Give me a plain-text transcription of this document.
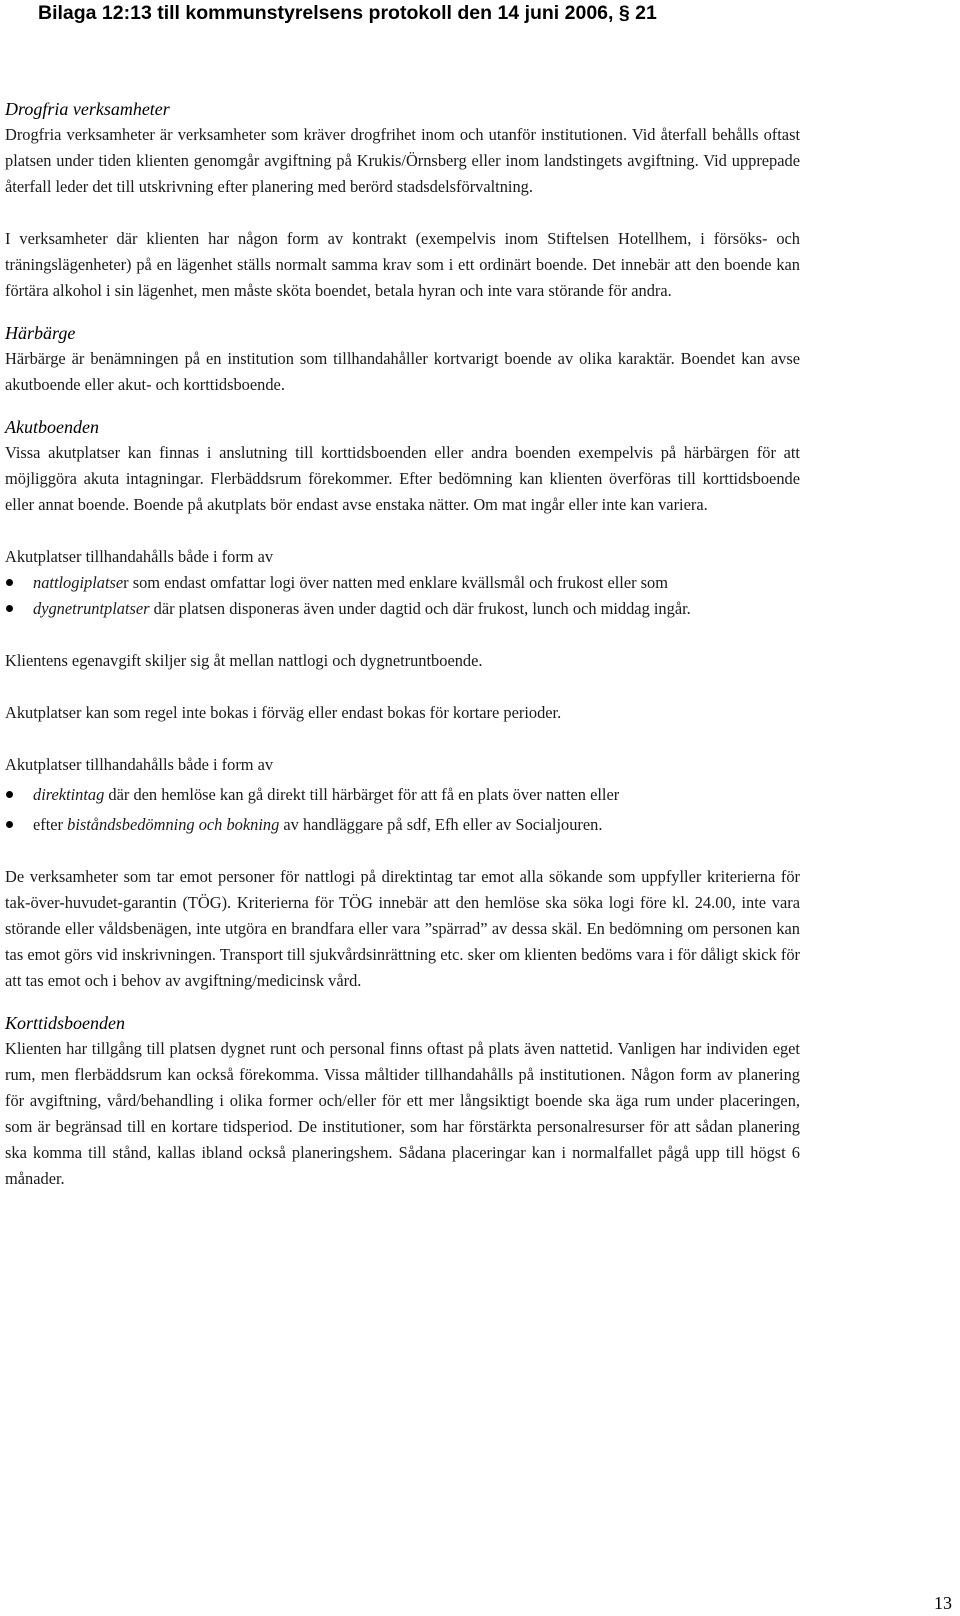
Bilaga 12:13 till kommunstyrelsens protokoll den 14 juni 2006, § 21
Drogfria verksamheter

Drogfria verksamheter är verksamheter som kräver drogfrihet inom och utanför institutionen. Vid återfall behålls oftast platsen under tiden klienten genomgår avgiftning på Krukis/Örnsberg eller inom landstingets avgiftning. Vid upprepade återfall leder det till utskrivning efter planering med berörd stadsdelsförvaltning.

I verksamheter där klienten har någon form av kontrakt (exempelvis inom Stiftelsen Hotellhem, i försöks- och träningslägenheter) på en lägenhet ställs normalt samma krav som i ett ordinärt boende. Det innebär att den boende kan förtära alkohol i sin lägenhet, men måste sköta boendet, betala hyran och inte vara störande för andra.

Härbärge

Härbärge är benämningen på en institution som tillhandahåller kortvarigt boende av olika karaktär. Boendet kan avse akutboende eller akut- och korttidsboende.

Akutboenden

Vissa akutplatser kan finnas i anslutning till korttidsboenden eller andra boenden exempelvis på härbärgen för att möjliggöra akuta intagningar. Flerbäddsrum förekommer. Efter bedömning kan klienten överföras till korttidsboende eller annat boende. Boende på akutplats bör endast avse enstaka nätter. Om mat ingår eller inte kan variera.

Akutplatser tillhandahålls både i form av

nattlogiplatser som endast omfattar logi över natten med enklare kvällsmål och frukost eller som
dygnetruntplatser där platsen disponeras även under dagtid och där frukost, lunch och middag ingår.

Klientens egenavgift skiljer sig åt mellan nattlogi och dygnetruntboende.

Akutplatser kan som regel inte bokas i förväg eller endast bokas för kortare perioder.

Akutplatser tillhandahålls både i form av

direktintag där den hemlöse kan gå direkt till härbärget för att få en plats över natten eller
efter biståndsbedömning och bokning av handläggare på sdf, Efh eller av Socialjouren.

De verksamheter som tar emot personer för nattlogi på direktintag tar emot alla sökande som uppfyller kriterierna för tak-över-huvudet-garantin (TÖG). Kriterierna för TÖG innebär att den hemlöse ska söka logi före kl. 24.00, inte vara störande eller våldsbenägen, inte utgöra en brandfara eller vara ”spärrad” av dessa skäl. En bedömning om personen kan tas emot görs vid inskrivningen. Transport till sjukvårdsinrättning etc. sker om klienten bedöms vara i för dåligt skick för att tas emot och i behov av avgiftning/medicinsk vård.

Korttidsboenden

Klienten har tillgång till platsen dygnet runt och personal finns oftast på plats även nattetid. Vanligen har individen eget rum, men flerbäddsrum kan också förekomma. Vissa måltider tillhandahålls på institutionen. Någon form av planering för avgiftning, vård/behandling i olika former och/eller för ett mer långsiktigt boende ska äga rum under placeringen, som är begränsad till en kortare tidsperiod. De institutioner, som har förstärkta personalresurser för att sådan planering ska komma till stånd, kallas ibland också planeringshem. Sådana placeringar kan i normalfallet pågå upp till högst 6 månader.

13
